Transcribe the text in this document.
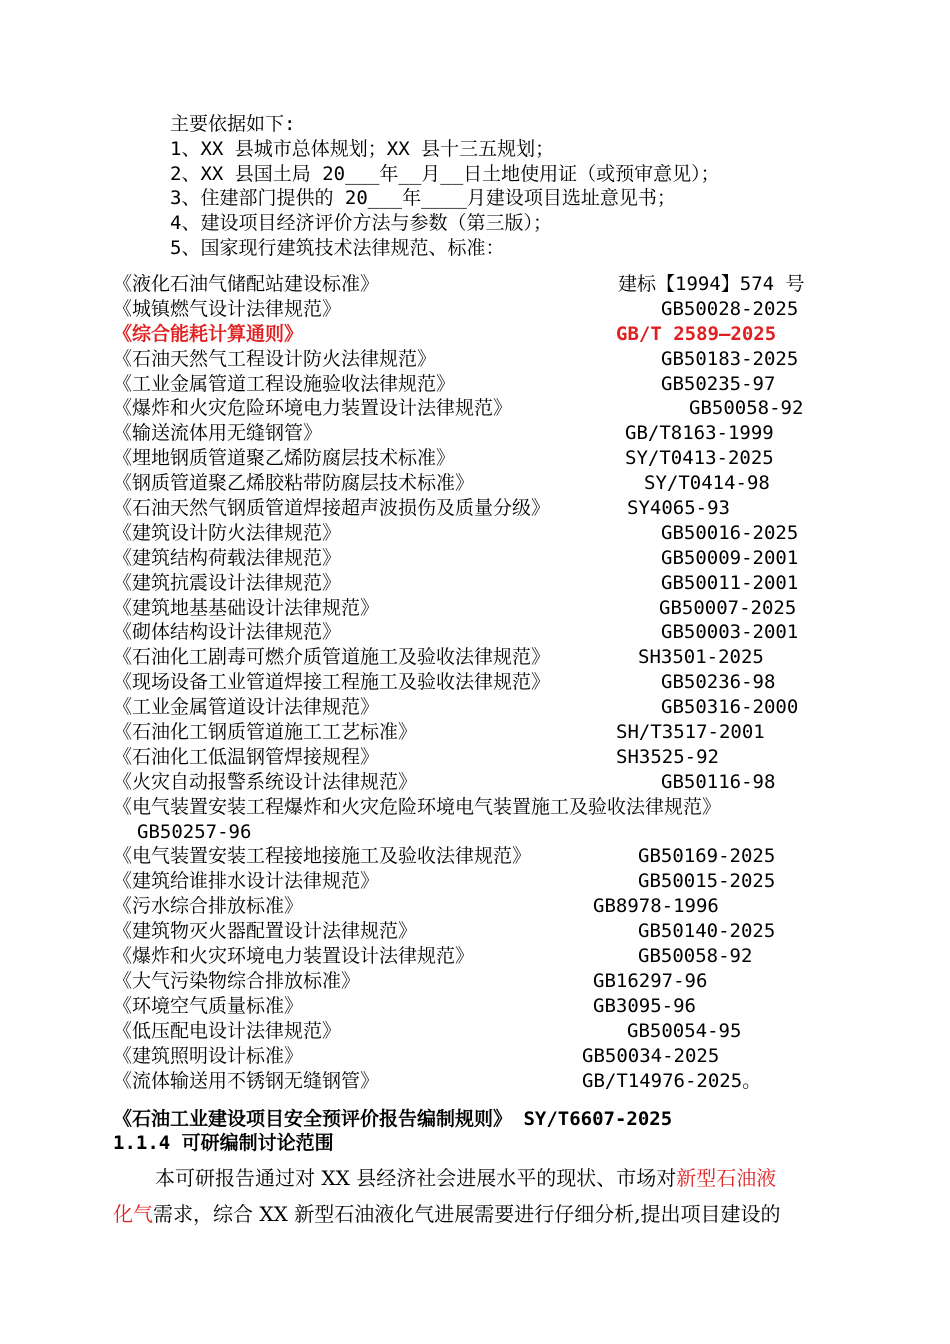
主要依据如下:
1、XX 县城市总体规划；XX 县十三五规划；
2、XX 县国土局 20___年__月__日土地使用证（或预审意见）；
3、住建部门提供的 20___年____月建设项目选址意见书；
4、建设项目经济评价方法与参数（第三版）；
5、国家现行建筑技术法律规范、标准：
《液化石油气储配站建设标准》	建标【1994】574 号
《城镇燃气设计法律规范》	GB50028-2025
《综合能耗计算通则》	GB/T 2589—2025
《石油天然气工程设计防火法律规范》	GB50183-2025
《工业金属管道工程设施验收法律规范》	GB50235-97
《爆炸和火灾危险环境电力装置设计法律规范》	GB50058-92
《输送流体用无缝钢管》	GB/T8163-1999
《埋地钢质管道聚乙烯防腐层技术标准》	SY/T0413-2025
《钢质管道聚乙烯胶粘带防腐层技术标准》	SY/T0414-98
《石油天然气钢质管道焊接超声波损伤及质量分级》	SY4065-93
《建筑设计防火法律规范》	GB50016-2025
《建筑结构荷载法律规范》	GB50009-2001
《建筑抗震设计法律规范》	GB50011-2001
《建筑地基基础设计法律规范》	GB50007-2025
《砌体结构设计法律规范》	GB50003-2001
《石油化工剧毒可燃介质管道施工及验收法律规范》	SH3501-2025
《现场设备工业管道焊接工程施工及验收法律规范》	GB50236-98
《工业金属管道设计法律规范》	GB50316-2000
《石油化工钢质管道施工工艺标准》	SH/T3517-2001
《石油化工低温钢管焊接规程》	SH3525-92
《火灾自动报警系统设计法律规范》	GB50116-98
《电气装置安装工程爆炸和火灾危险环境电气装置施工及验收法律规范》
GB50257-96
《电气装置安装工程接地接施工及验收法律规范》	GB50169-2025
《建筑给谁排水设计法律规范》	GB50015-2025
《污水综合排放标准》	GB8978-1996
《建筑物灭火器配置设计法律规范》	GB50140-2025
《爆炸和火灾环境电力装置设计法律规范》	GB50058-92
《大气污染物综合排放标准》	GB16297-96
《环境空气质量标准》	GB3095-96
《低压配电设计法律规范》	GB50054-95
《建筑照明设计标准》	GB50034-2025
《流体输送用不锈钢无缝钢管》	GB/T14976-2025。
《石油工业建设项目安全预评价报告编制规则》 SY/T6607-2025
1.1.4 可研编制讨论范围
本可研报告通过对 XX 县经济社会进展水平的现状、市场对新型石油液
化气需求，综合 XX 新型石油液化气进展需要进行仔细分析,提出项目建设的
